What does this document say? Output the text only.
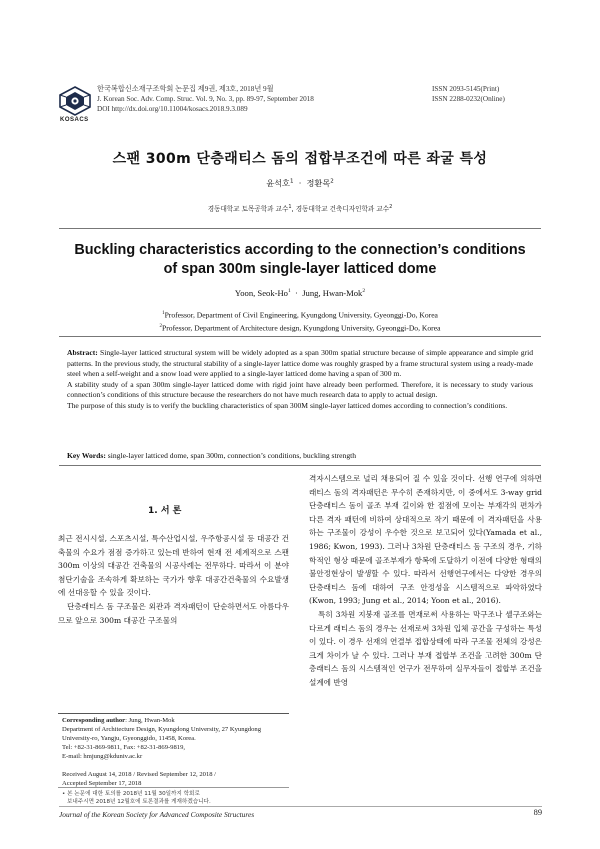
KOSACS
한국복합신소재구조학회 논문집 제9권, 제3호, 2018년 9월
J. Korean Soc. Adv. Comp. Struc. Vol. 9, No. 3, pp. 89-97, September 2018
DOI http://dx.doi.org/10.11004/kosacs.2018.9.3.089
ISSN 2093-5145(Print)
ISSN 2288-0232(Online)
스팬 300m 단층래티스 돔의 접합부조건에 따른 좌굴 특성
윤석호$^1$ · 정환목$^2$
경동대학교 토목공학과 교수$^1$, 경동대학교 건축디자인학과 교수$^2$
Buckling characteristics according to the connection’s conditions
of span 300m single-layer latticed dome
Yoon, Seok-$Ho^1$ · Jung, Hwan-Mok$^2$
$^1$Professor, Department of Civil Engineering, Kyungdong University, Gyeonggi-Do, Korea
$^2$Professor, Department of Architecture design, Kyungdong University, Gyeonggi-Do, Korea

Abstract: Single-layer latticed structural system will be widely adopted as a span 300m spatial structure because of simple appearance and simple grid patterns. In the previous study, the structural stability of a single-layer lattice dome was roughly grasped by a frame structural system using a ready-made steel when a self-weight and a snow load were applied to a single-layer latticed dome having a span of 300 m.

A stability study of a span 300m single-layer latticed dome with rigid joint have already been performed. Therefore, it is necessary to study various connection’s conditions of this structure because the researchers do not have much research data to apply to actual design.

The purpose of this study is to verify the buckling characteristics of span 300M single-layer latticed domes according to connection’s conditions.

Key Words: single-layer latticed dome, span 300m, connection’s conditions, buckling strength
1. 서 론

최근 전시시설, 스포츠시설, 특수산업시설, 우주항공시설 등 대공간 건축물의 수요가 점점 증가하고 있는데 반하여 현재 전 세계적으로 스팬 300m 이상의 대공간 건축물의 시공사례는 전무하다. 따라서 이 분야 첨단기술을 조속하게 확보하는 국가가 향후 대공간건축물의 수요발생에 선대응할 수 있을 것이다.

단층래티스 돔 구조물은 외관과 격자패턴이 단순하면서도 아름다우므로 앞으로 300m 대공간 구조물의

격자시스템으로 널리 채용되어 질 수 있을 것이다. 선행 연구에 의하면 래티스 돔의 격자패턴은 무수히 존재하지만, 이 중에서도 3-way grid 단층래티스 돔이 골조 부재 길이와 한 절점에 모이는 부재각의 편차가 다른 격자 패턴에 비하여 상대적으로 작기 때문에 이 격자패턴을 사용하는 구조물이 강성이 우수한 것으로 보고되어 있다(Yamada et al., 1986; Kwon, 1993). 그러나 3차원 단층래티스 돔 구조의 경우, 기하학적인 형상 때문에 골조부재가 항복에 도달하기 이전에 다양한 형태의 불안정현상이 발생할 수 있다. 따라서 선행연구에서는 다양한 경우의 단층래티스 돔에 대하여 구조 안정성을 시스템적으로 파악하였다(Kwon, 1993; Jung et al., 2014; Yoon et al., 2016).

특히 3차원 지붕재 골조를 면재로써 사용하는 막구조나 셸구조와는 다르게 래티스 돔의 경우는 선재로써 3차원 입체 공간을 구성하는 특성이 있다. 이 경우 선재의 연결부 접합상태에 따라 구조물 전체의 강성은 크게 차이가 날 수 있다. 그러나 부재 접합부 조건을 고려한 300m 단층래티스 돔의 시스템적인 연구가 전무하여 실무자들이 접합부 조건을 설계에 반영

Corresponding author: Jung, Hwan-Mok
Department of Architecture Design, Kyungdong University, 27 Kyungdong University-ro, Yangju, Gyeonggido, 11458, Korea.
Tel: +82-31-869-9811, Fax: +82-31-869-9819,
E-mail: hmjung@kduniv.ac.kr
Received August 14, 2018 / Revised September 12, 2018 /
Accepted September 17, 2018
• 본 논문에 대한 토의를 2018년 11월 30일까지 학회로
보내주시면 2018년 12월호에 토론결과를 게재하겠습니다.
Journal of the Korean Society for Advanced Composite Structures	89
